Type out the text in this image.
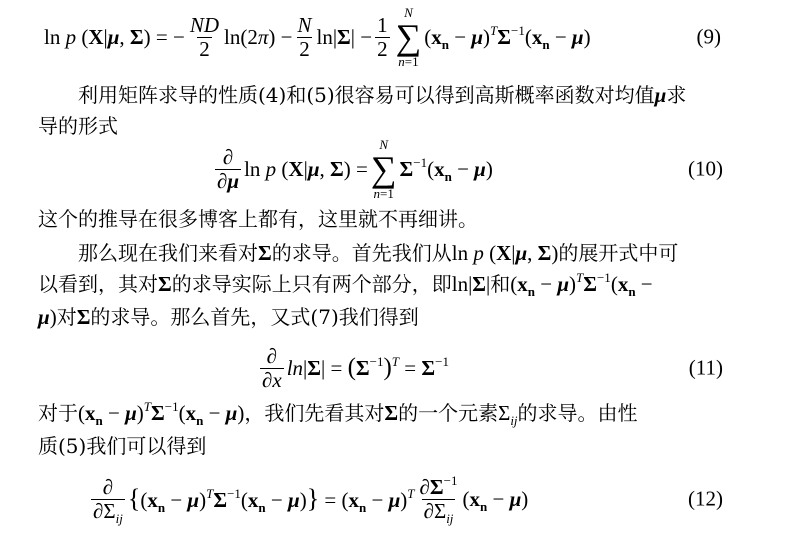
ln p (X|μ, Σ) = − $\frac{ND}{2} \ln(2\pi) - \frac{N}{2} \ln|\Sigma| - \frac{1}{2}$
N
∑
n=1
$(x_n - \mu)^T\Sigma^{-1}(x_n - \mu)$	(9)
利用矩阵求导的性质(4)和(5)很容易可以得到高斯概率函数对均值μ求
导的形式
$\frac{\partial}{\partial\mu}$ ln p (X|μ, Σ) =
N
∑
n=1
$\Sigma^{-1}(x_n - \mu)$	(10)
这个的推导在很多博客上都有，这里就不再细讲。
那么现在我们来看对Σ的求导。首先我们从ln p (X|μ, Σ)的展开式中可
以看到，其对Σ的求导实际上只有两个部分，即ln|Σ|和$(x_n - \mu)^T\Sigma^{-1}(x_n$ −
μ)对Σ的求导。那么首先，又式(7)我们得到
$\frac{\partial}{\partial x} \ln|\Sigma| = (\Sigma^{-1})^T = \Sigma^{-1}$	(11)
对于$(x_n - \mu)^T\Sigma^{-1}(x_n - \mu)$，我们先看其对Σ的一个元素$\Sigma_{ij}$的求导。由性
质(5)我们可以得到
$\frac{\partial}{\partial\Sigma_{ij}} \{(x_n - \mu)^T\Sigma^{-1}(x_n - \mu)\} = (x_n - \mu)^T \frac{\partial\Sigma^{-1}}{\partial\Sigma_{ij}} (x_n - \mu)$	(12)
